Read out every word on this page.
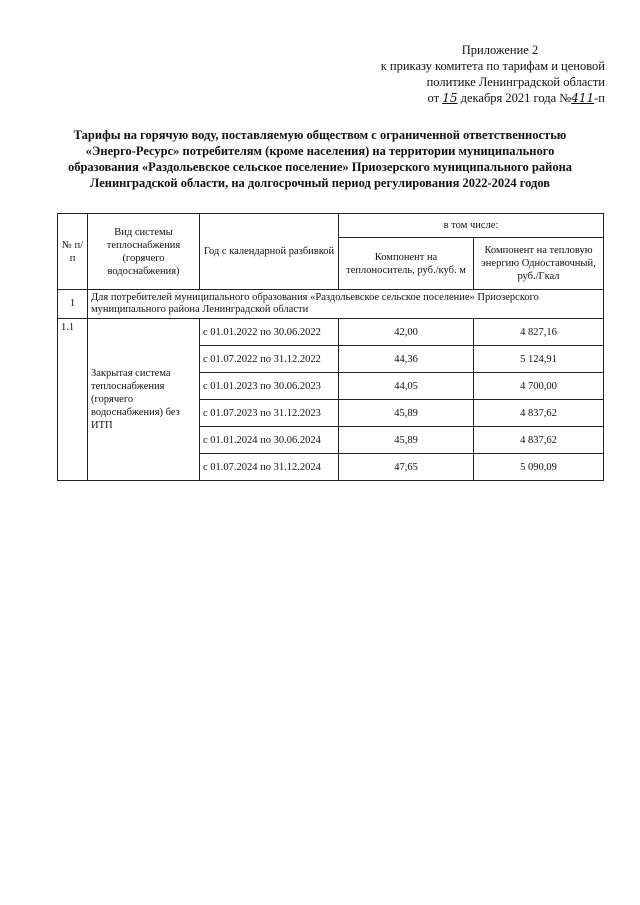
Приложение 2
к приказу комитета по тарифам и ценовой
политике Ленинградской области
от 15 декабря 2021 года №411-п
Тарифы на горячую воду, поставляемую обществом с ограниченной ответственностью
«Энерго-Ресурс» потребителям (кроме населения) на территории муниципального
образования «Раздольевское сельское поселение» Приозерского муниципального района
Ленинградской области, на долгосрочный период регулирования 2022-2024 годов
№ п/п	Вид системы теплоснабжения (горячего водоснабжения)	Год с календарной разбивкой	в том числе:	
			Компонент на теплоноситель, руб./куб. м	Компонент на тепловую энергию Одноставочный, руб./Гкал
1	Для потребителей муниципального образования «Раздольевское сельское поселение» Приозерского муниципального района Ленинградской области			
1.1	Закрытая система теплоснабжения (горячего водоснабжения) без ИТП	с 01.01.2022 по 30.06.2022	42,00	4 827,16
		с 01.07.2022 по 31.12.2022	44,36	5 124,91
		с 01.01.2023 по 30.06.2023	44,05	4 700,00
		с 01.07.2023 по 31.12.2023	45,89	4 837,62
		с 01.01.2024 по 30.06.2024	45,89	4 837,62
		с 01.07.2024 по 31.12.2024	47,65	5 090,09
